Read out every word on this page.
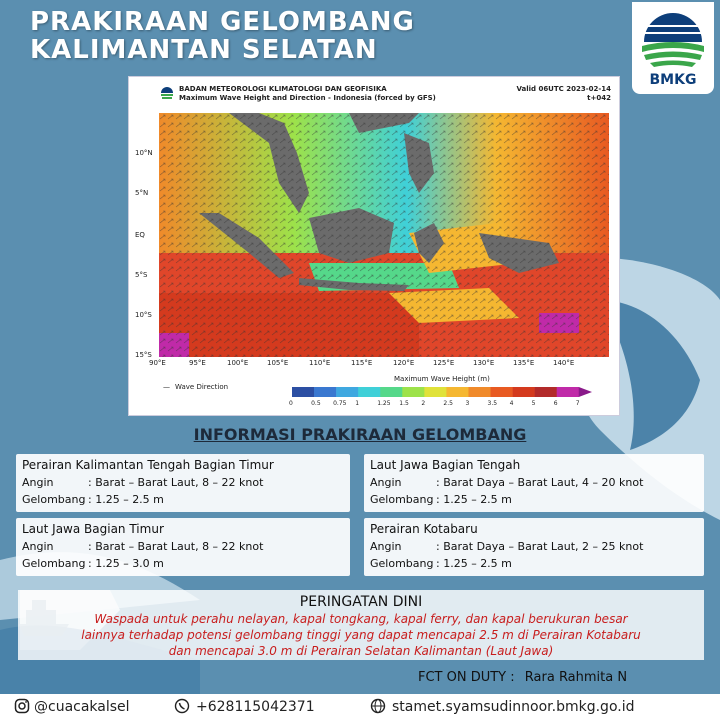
PRAKIRAAN GELOMBANG
KALIMANTAN SELATAN
BMKG
BADAN METEOROLOGI KLIMATOLOGI DAN GEOFISIKA
Maximum Wave Height and Direction - Indonesia (forced by GFS)
Valid 06UTC 2023-02-14
t+042
10°N
5°N
EQ
5°S
10°S
15°S
90°E	95°E	100°E	105°E	110°E	115°E	120°E	125°E	130°E	135°E	140°E
— Wave Direction
Maximum Wave Height (m)
0	0.5 0.75 1	1.25 1.5 2	2.5 3	3.5 4	5	6	7
INFORMASI PRAKIRAAN GELOMBANG
Perairan Kalimantan Tengah Bagian Timur
Angin	: Barat – Barat Laut, 8 – 22 knot
Gelombang : 1.25 – 2.5 m
Laut Jawa Bagian Tengah
Angin	: Barat Daya – Barat Laut, 4 – 20 knot
Gelombang : 1.25 – 2.5 m
Laut Jawa Bagian Timur
Angin	: Barat – Barat Laut, 8 – 22 knot
Gelombang : 1.25 – 3.0 m
Perairan Kotabaru
Angin	: Barat Daya – Barat Laut, 2 – 25 knot
Gelombang : 1.25 – 2.5 m
PERINGATAN DINI
Waspada untuk perahu nelayan, kapal tongkang, kapal ferry, dan kapal berukuran besar
lainnya terhadap potensi gelombang tinggi yang dapat mencapai 2.5 m di Perairan Kotabaru
dan mencapai 3.0 m di Perairan Selatan Kalimantan (Laut Jawa)
FCT ON DUTY : Rara Rahmita N
@cuacakalsel	+628115042371	stamet.syamsudinnoor.bmkg.go.id
